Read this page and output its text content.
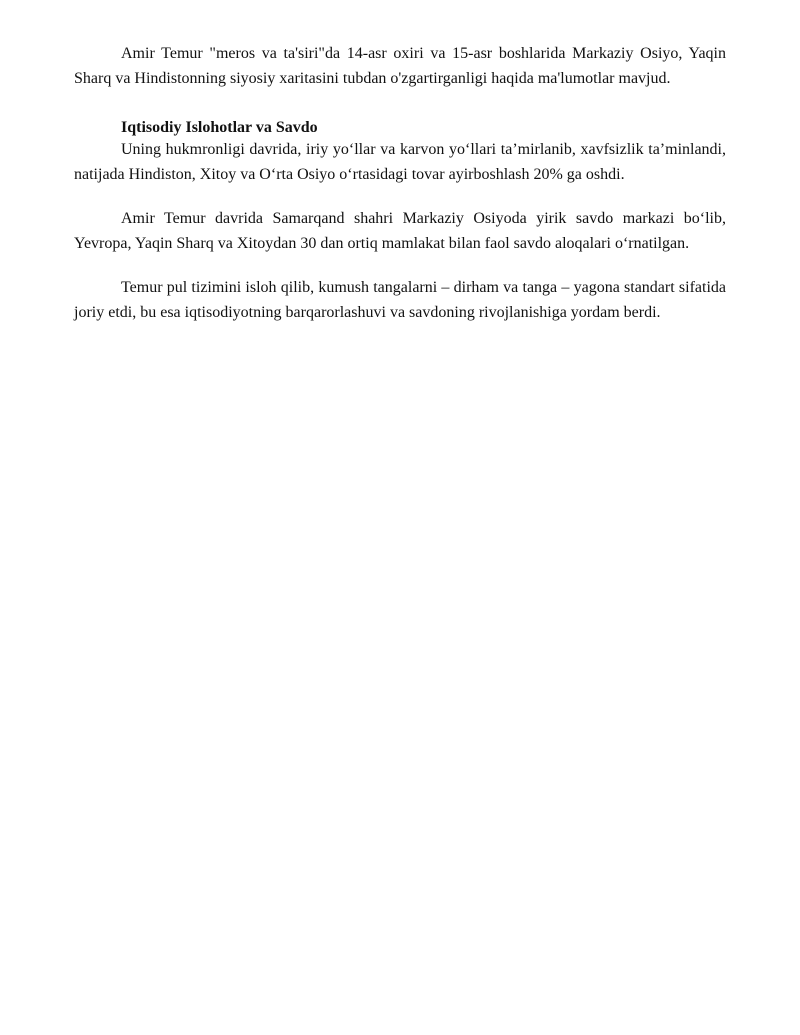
Amir Temur "meros va ta'siri"da 14-asr oxiri va 15-asr boshlarida Markaziy Osiyo, Yaqin Sharq va Hindistonning siyosiy xaritasini tubdan o'zgartirganligi haqida ma'lumotlar mavjud.

Iqtisodiy Islohotlar va Savdo

Uning hukmronligi davrida, iriy yo‘llar va karvon yo‘llari ta’mirlanib, xavfsizlik ta’minlandi, natijada Hindiston, Xitoy va O‘rta Osiyo o‘rtasidagi tovar ayirboshlash 20% ga oshdi.

Amir Temur davrida Samarqand shahri Markaziy Osiyoda yirik savdo markazi bo‘lib, Yevropa, Yaqin Sharq va Xitoydan 30 dan ortiq mamlakat bilan faol savdo aloqalari o‘rnatilgan.

Temur pul tizimini isloh qilib, kumush tangalarni – dirham va tanga – yagona standart sifatida joriy etdi, bu esa iqtisodiyotning barqarorlashuvi va savdoning rivojlanishiga yordam berdi.
